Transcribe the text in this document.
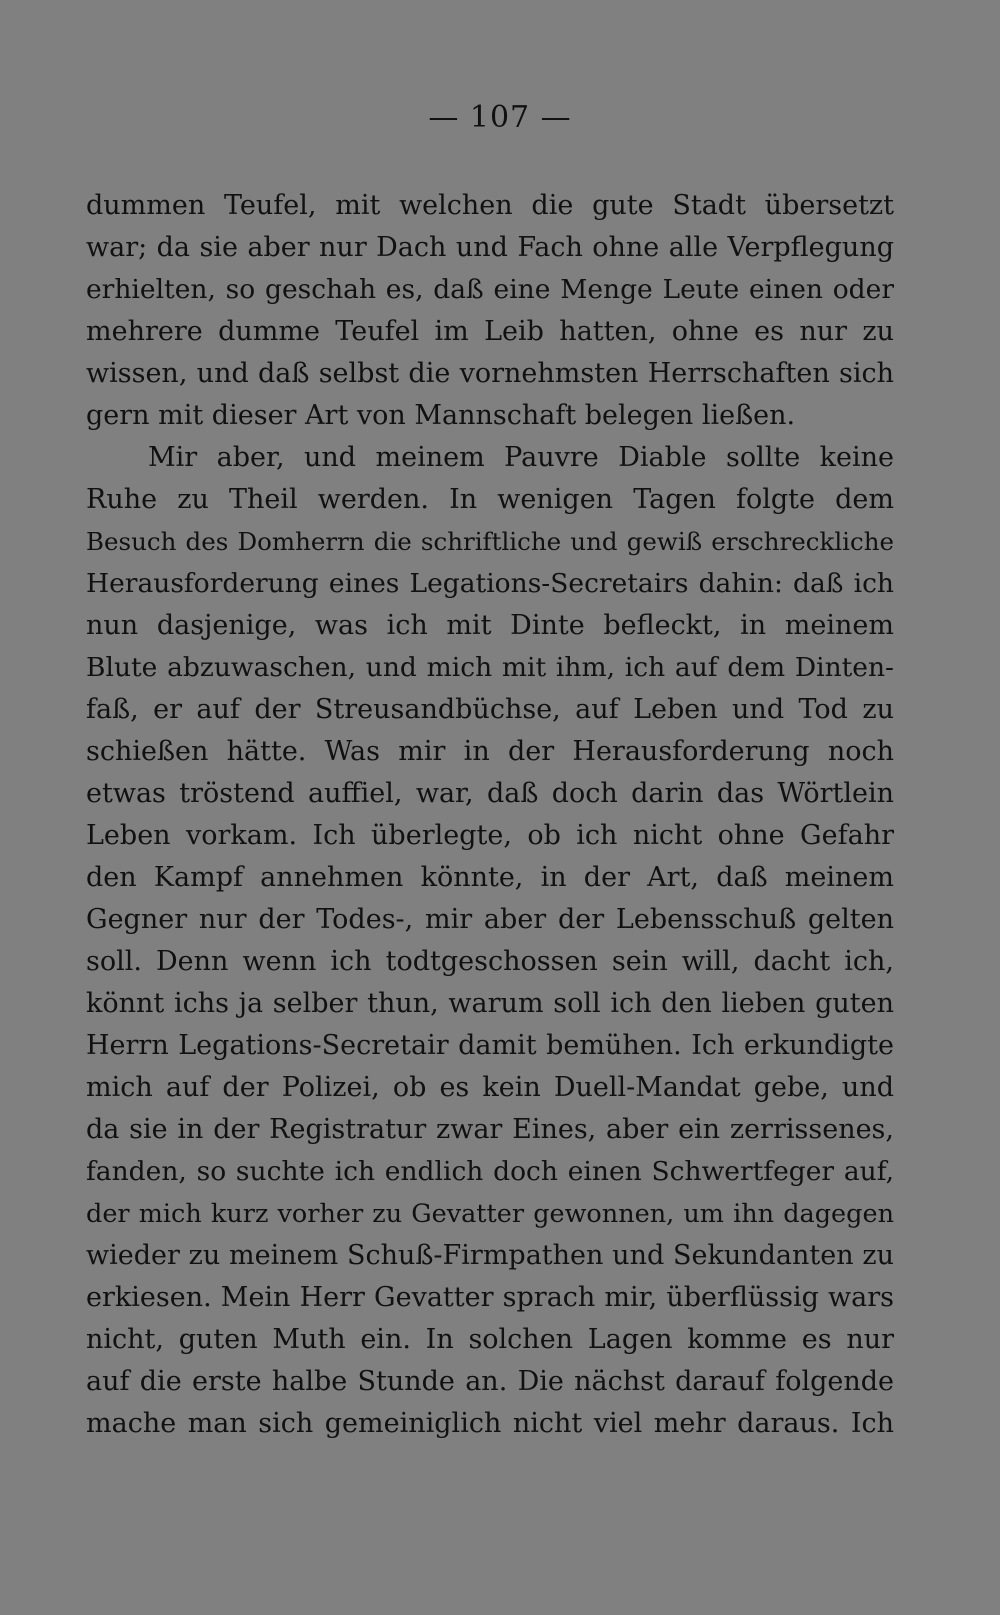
— 107 —
dummen Teufel, mit welchen die gute Stadt übersetzt
war; da sie aber nur Dach und Fach ohne alle Verpflegung
erhielten, so geschah es, daß eine Menge Leute einen oder
mehrere dumme Teufel im Leib hatten, ohne es nur zu
wissen, und daß selbst die vornehmsten Herrschaften sich
gern mit dieser Art von Mannschaft belegen ließen.
Mir aber, und meinem Pauvre Diable sollte keine
Ruhe zu Theil werden. In wenigen Tagen folgte dem
Besuch des Domherrn die schriftliche und gewiß erschreckliche
Herausforderung eines Legations-Secretairs dahin: daß ich
nun dasjenige, was ich mit Dinte befleckt, in meinem
Blute abzuwaschen, und mich mit ihm, ich auf dem Dinten-
faß, er auf der Streusandbüchse, auf Leben und Tod zu
schießen hätte. Was mir in der Herausforderung noch
etwas tröstend auffiel, war, daß doch darin das Wörtlein
Leben vorkam. Ich überlegte, ob ich nicht ohne Gefahr
den Kampf annehmen könnte, in der Art, daß meinem
Gegner nur der Todes-, mir aber der Lebensschuß gelten
soll. Denn wenn ich todtgeschossen sein will, dacht ich,
könnt ichs ja selber thun, warum soll ich den lieben guten
Herrn Legations-Secretair damit bemühen. Ich erkundigte
mich auf der Polizei, ob es kein Duell-Mandat gebe, und
da sie in der Registratur zwar Eines, aber ein zerrissenes,
fanden, so suchte ich endlich doch einen Schwertfeger auf,
der mich kurz vorher zu Gevatter gewonnen, um ihn dagegen
wieder zu meinem Schuß-Firmpathen und Sekundanten zu
erkiesen. Mein Herr Gevatter sprach mir, überflüssig wars
nicht, guten Muth ein. In solchen Lagen komme es nur
auf die erste halbe Stunde an. Die nächst darauf folgende
mache man sich gemeiniglich nicht viel mehr daraus. Ich
